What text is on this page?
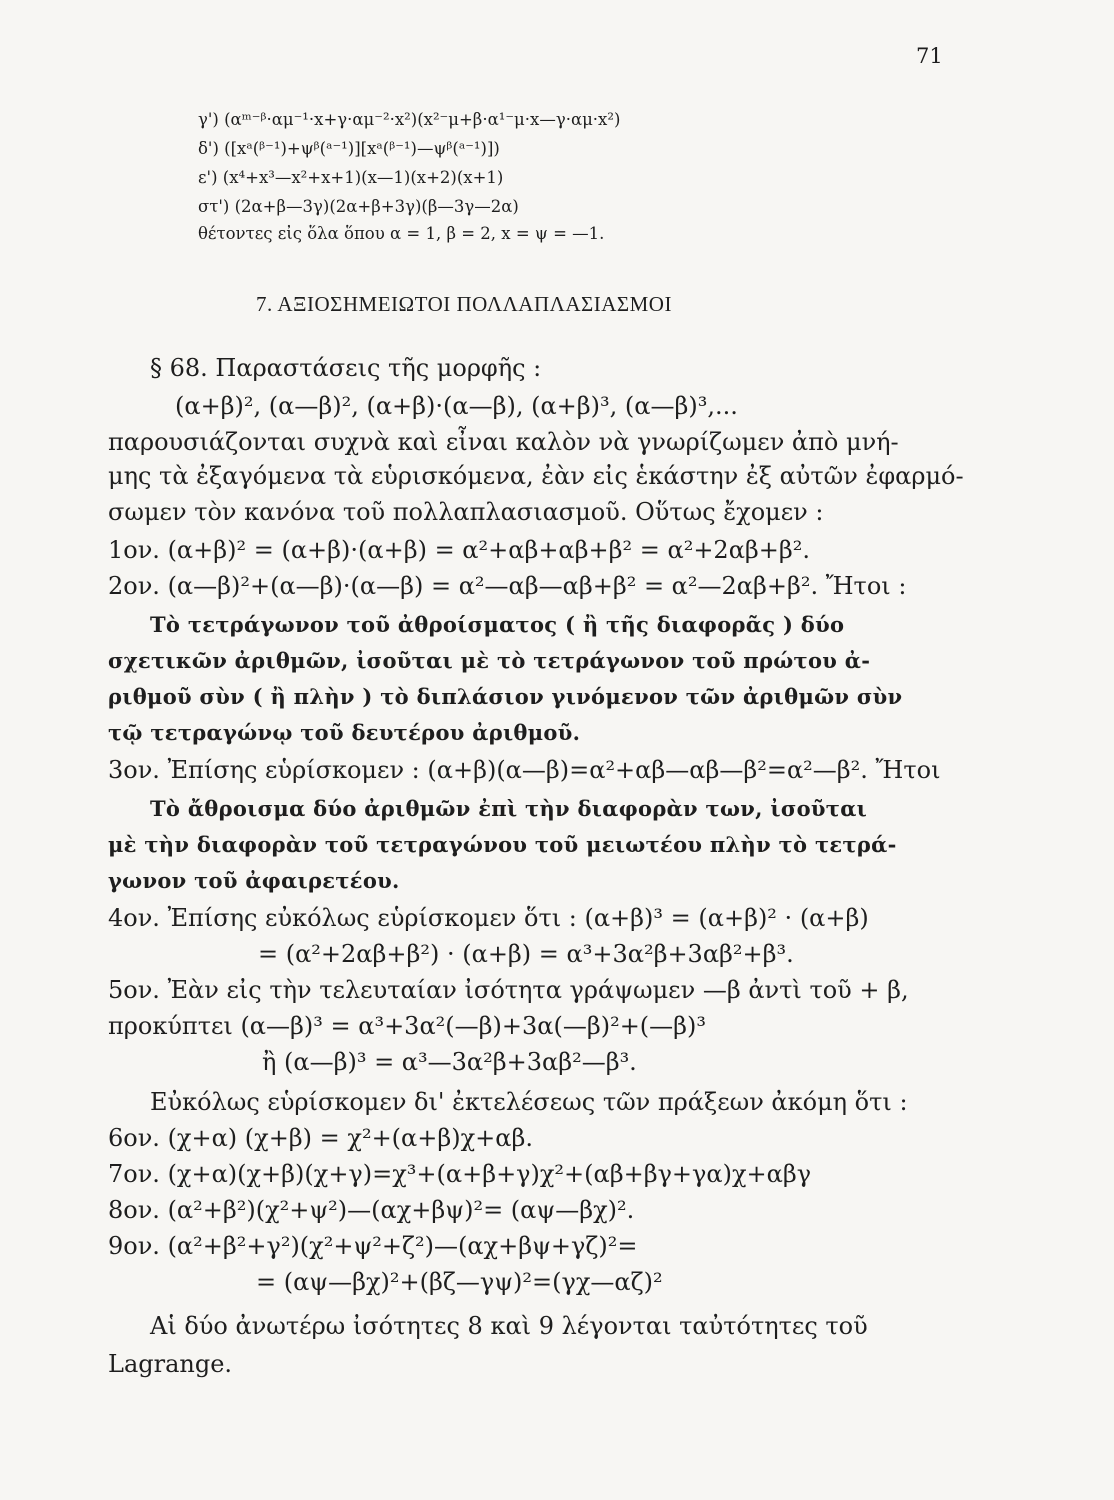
71
γ') (αᵐ⁻ᵝ·αμ⁻¹·x+γ·αμ⁻²·x²)(x²⁻μ+β·α¹⁻μ·x—γ·αμ·x²)
δ') ([xᵃ(ᵝ⁻¹)+ψᵝ(ᵃ⁻¹)][xᵃ(ᵝ⁻¹)—ψᵝ(ᵃ⁻¹)])
ε') (x⁴+x³—x²+x+1)(x—1)(x+2)(x+1)
στ') (2α+β—3γ)(2α+β+3γ)(β—3γ—2α)
θέτοντες εἰς ὅλα ὅπου α = 1, β = 2, x = ψ = —1.
7. ΑΞΙΟΣΗΜΕΙΩΤΟΙ ΠΟΛΛΑΠΛΑΣΙΑΣΜΟΙ
§ 68. Παραστάσεις τῆς μορφῆς :
(α+β)², (α—β)², (α+β)·(α—β), (α+β)³, (α—β)³,...
παρουσιάζονται συχνὰ καὶ εἶναι καλὸν νὰ γνωρίζωμεν ἀπὸ μνή-
μης τὰ ἐξαγόμενα τὰ εὑρισκόμενα, ἐὰν εἰς ἑκάστην ἐξ αὐτῶν ἐφαρμό-
σωμεν τὸν κανόνα τοῦ πολλαπλασιασμοῦ. Οὕτως ἔχομεν :
1ον. (α+β)² = (α+β)·(α+β) = α²+αβ+αβ+β² = α²+2αβ+β².
2ον. (α—β)²+(α—β)·(α—β) = α²—αβ—αβ+β² = α²—2αβ+β². Ἤτοι :
Τὸ τετράγωνον τοῦ ἀθροίσματος ( ἢ τῆς διαφορᾶς ) δύο
σχετικῶν ἀριθμῶν, ἰσοῦται μὲ τὸ τετράγωνον τοῦ πρώτου ἀ-
ριθμοῦ σὺν ( ἢ πλὴν ) τὸ διπλάσιον γινόμενον τῶν ἀριθμῶν σὺν
τῷ τετραγώνῳ τοῦ δευτέρου ἀριθμοῦ.
3ον. Ἐπίσης εὑρίσκομεν : (α+β)(α—β)=α²+αβ—αβ—β²=α²—β². Ἤτοι
Τὸ ἄθροισμα δύο ἀριθμῶν ἐπὶ τὴν διαφορὰν των, ἰσοῦται
μὲ τὴν διαφορὰν τοῦ τετραγώνου τοῦ μειωτέου πλὴν τὸ τετρά-
γωνον τοῦ ἀφαιρετέου.
4ον. Ἐπίσης εὐκόλως εὑρίσκομεν ὅτι : (α+β)³ = (α+β)² · (α+β)
= (α²+2αβ+β²) · (α+β) = α³+3α²β+3αβ²+β³.
5ον. Ἐὰν εἰς τὴν τελευταίαν ἰσότητα γράψωμεν —β ἀντὶ τοῦ + β,
προκύπτει (α—β)³ = α³+3α²(—β)+3α(—β)²+(—β)³
ἢ (α—β)³ = α³—3α²β+3αβ²—β³.
Εὐκόλως εὑρίσκομεν δι' ἐκτελέσεως τῶν πράξεων ἀκόμη ὅτι :
6ον. (χ+α) (χ+β) = χ²+(α+β)χ+αβ.
7ον. (χ+α)(χ+β)(χ+γ)=χ³+(α+β+γ)χ²+(αβ+βγ+γα)χ+αβγ
8ον. (α²+β²)(χ²+ψ²)—(αχ+βψ)²= (αψ—βχ)².
9ον. (α²+β²+γ²)(χ²+ψ²+ζ²)—(αχ+βψ+γζ)²=
= (αψ—βχ)²+(βζ—γψ)²=(γχ—αζ)²
Αἱ δύο ἀνωτέρω ἰσότητες 8 καὶ 9 λέγονται ταὐτότητες τοῦ
Lagrange.
